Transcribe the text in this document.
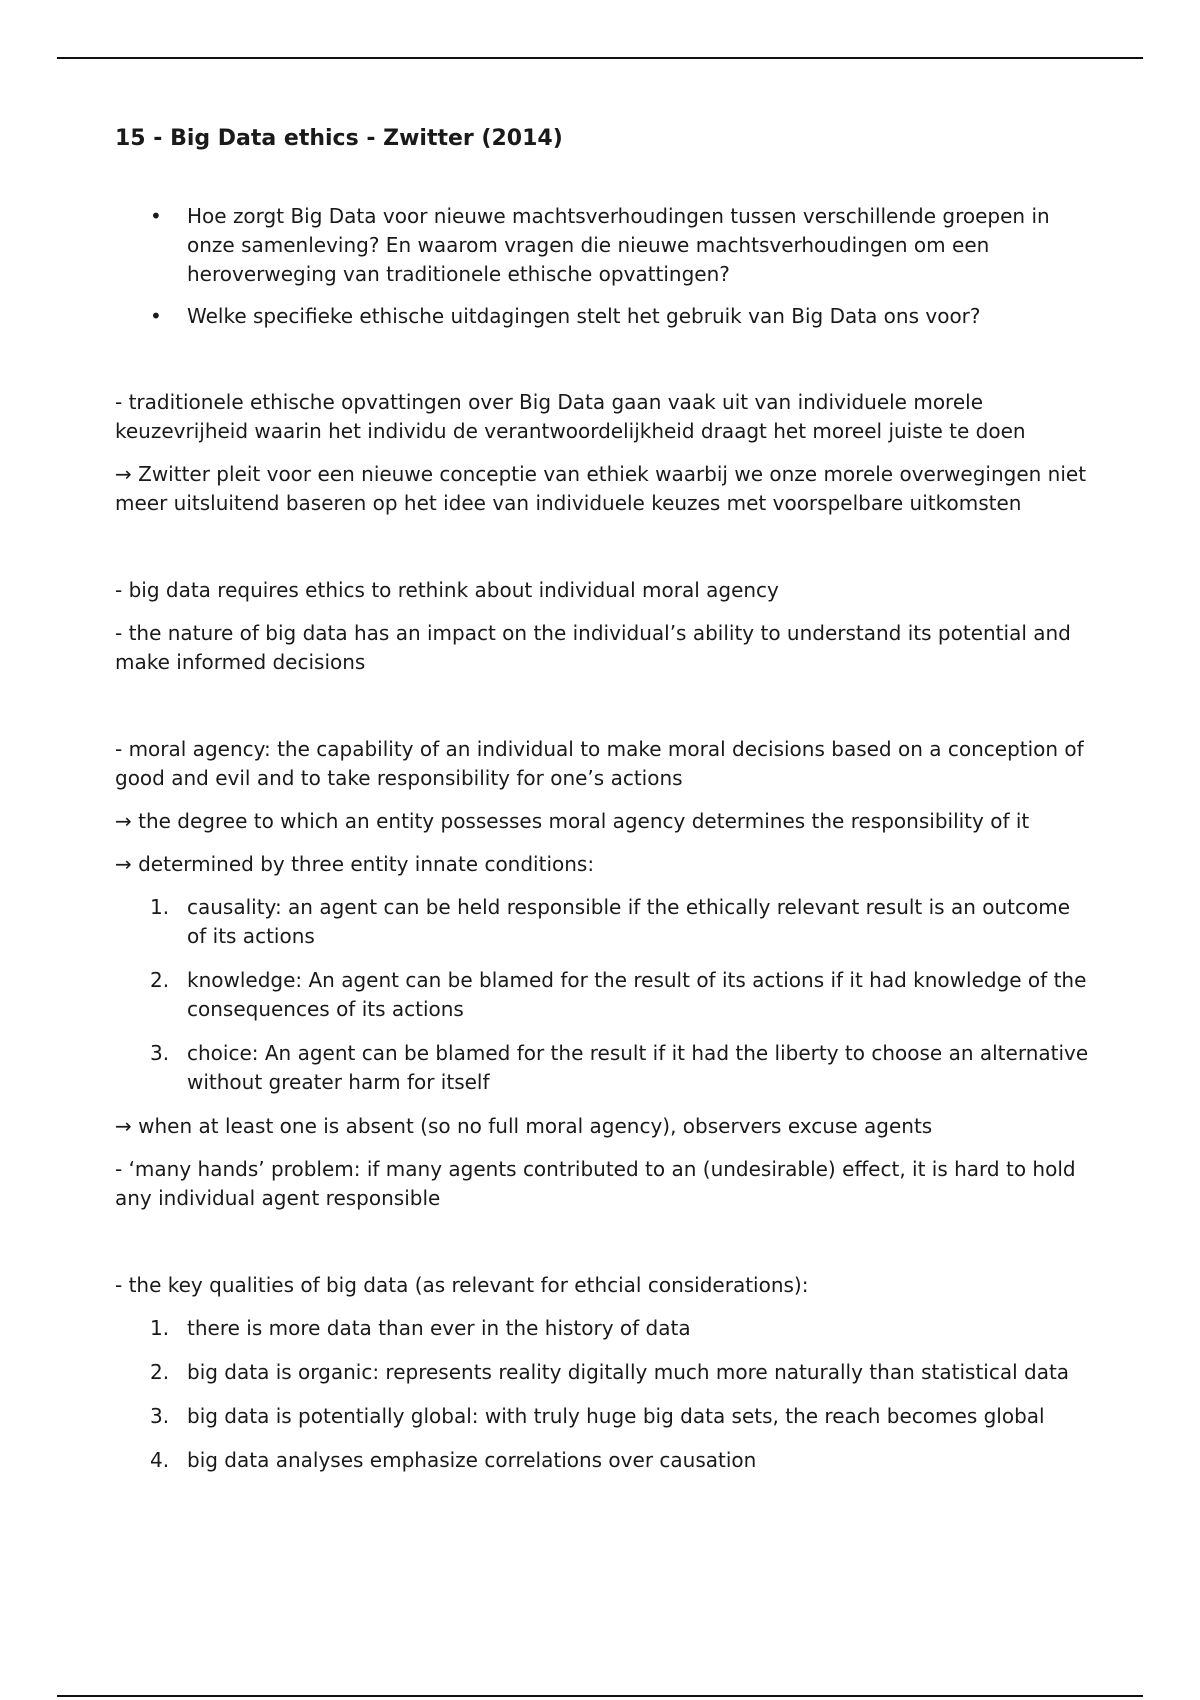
15 - Big Data ethics - Zwitter (2014)
• Hoe zorgt Big Data voor nieuwe machtsverhoudingen tussen verschillende groepen in onze samenleving? En waarom vragen die nieuwe machtsverhoudingen om een heroverweging van traditionele ethische opvattingen?
• Welke specifieke ethische uitdagingen stelt het gebruik van Big Data ons voor?

- traditionele ethische opvattingen over Big Data gaan vaak uit van individuele morele keuzevrijheid waarin het individu de verantwoordelijkheid draagt het moreel juiste te doen

→ Zwitter pleit voor een nieuwe conceptie van ethiek waarbij we onze morele overwegingen niet meer uitsluitend baseren op het idee van individuele keuzes met voorspelbare uitkomsten

- big data requires ethics to rethink about individual moral agency

- the nature of big data has an impact on the individual’s ability to understand its potential and make informed decisions

- moral agency: the capability of an individual to make moral decisions based on a conception of good and evil and to take responsibility for one’s actions

→ the degree to which an entity possesses moral agency determines the responsibility of it

→ determined by three entity innate conditions:

1. causality: an agent can be held responsible if the ethically relevant result is an outcome of its actions
2. knowledge: An agent can be blamed for the result of its actions if it had knowledge of the consequences of its actions
3. choice: An agent can be blamed for the result if it had the liberty to choose an alternative without greater harm for itself

→ when at least one is absent (so no full moral agency), observers excuse agents

- ‘many hands’ problem: if many agents contributed to an (undesirable) effect, it is hard to hold any individual agent responsible

- the key qualities of big data (as relevant for ethcial considerations):

1. there is more data than ever in the history of data
2. big data is organic: represents reality digitally much more naturally than statistical data
3. big data is potentially global: with truly huge big data sets, the reach becomes global
4. big data analyses emphasize correlations over causation
